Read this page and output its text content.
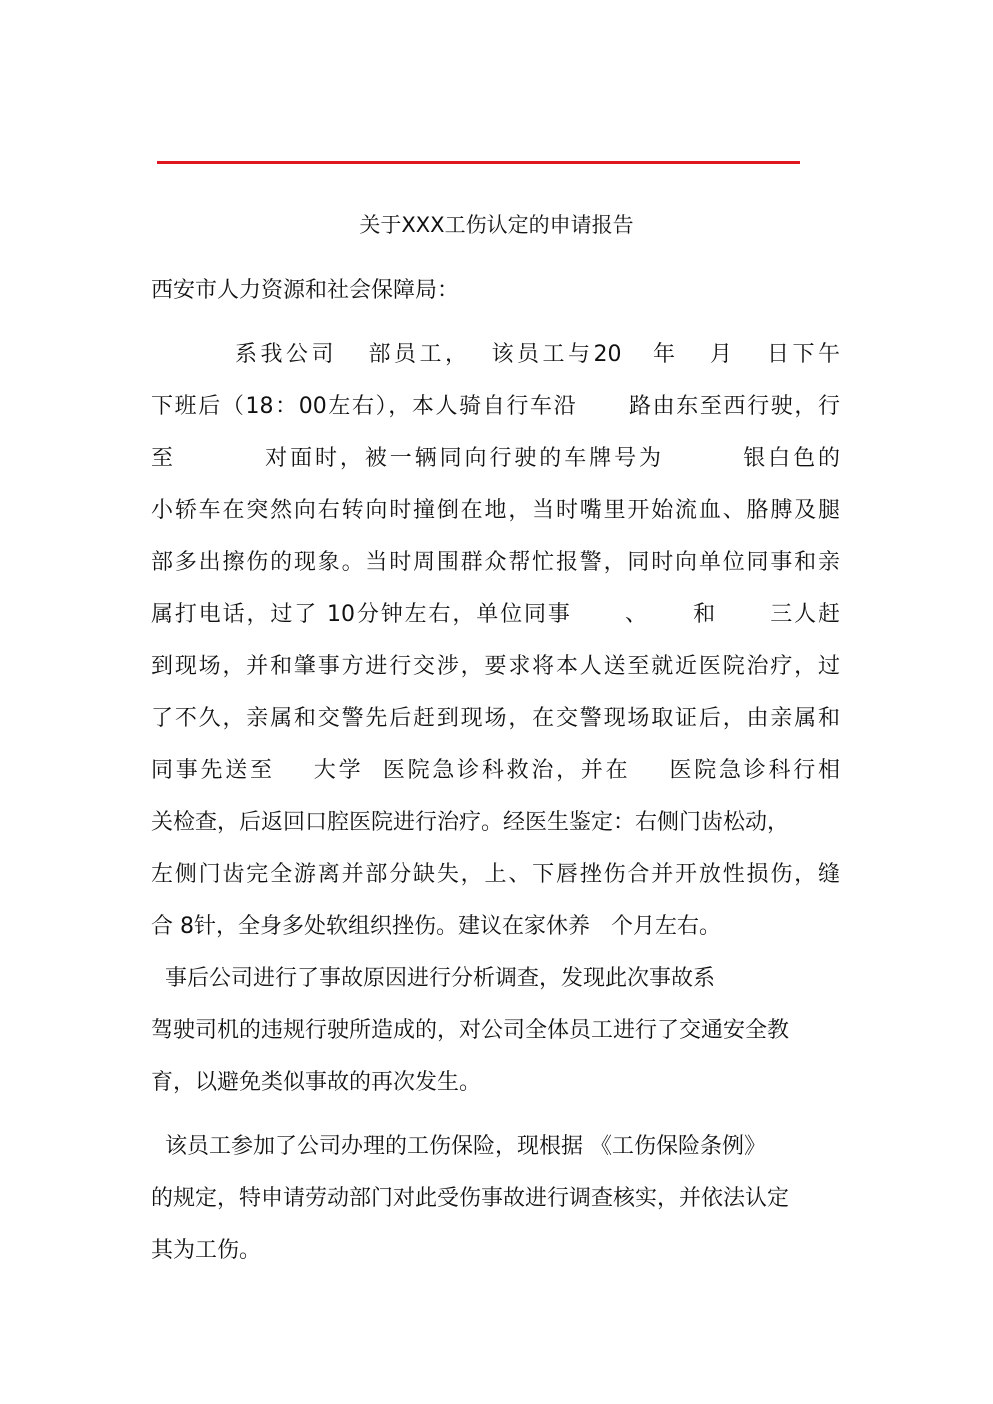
关于XXX工伤认定的申请报告
西安市人力资源和社会保障局：
系我公司   部员工，  该员工与20   年   月   日下午
下班后（18：00左右），本人骑自行车沿      路由东至西行驶，行
至         对面时，被一辆同向行驶的车牌号为        银白色的
小轿车在突然向右转向时撞倒在地，当时嘴里开始流血、胳膊及腿
部多出擦伤的现象。当时周围群众帮忙报警，同时向单位同事和亲
属打电话，过了 10分钟左右，单位同事      、     和      三人赶
到现场，并和肇事方进行交涉，要求将本人送至就近医院治疗，过
了不久，亲属和交警先后赶到现场，在交警现场取证后，由亲属和
同事先送至    大学  医院急诊科救治，并在    医院急诊科行相
关检查，后返回口腔医院进行治疗。经医生鉴定：右侧门齿松动，
左侧门齿完全游离并部分缺失，上、下唇挫伤合并开放性损伤，缝
合 8针，全身多处软组织挫伤。建议在家休养   个月左右。
事后公司进行了事故原因进行分析调查，发现此次事故系
驾驶司机的违规行驶所造成的，对公司全体员工进行了交通安全教
育，以避免类似事故的再次发生。
该员工参加了公司办理的工伤保险，现根据 《工伤保险条例》
的规定，特申请劳动部门对此受伤事故进行调查核实，并依法认定
其为工伤。
